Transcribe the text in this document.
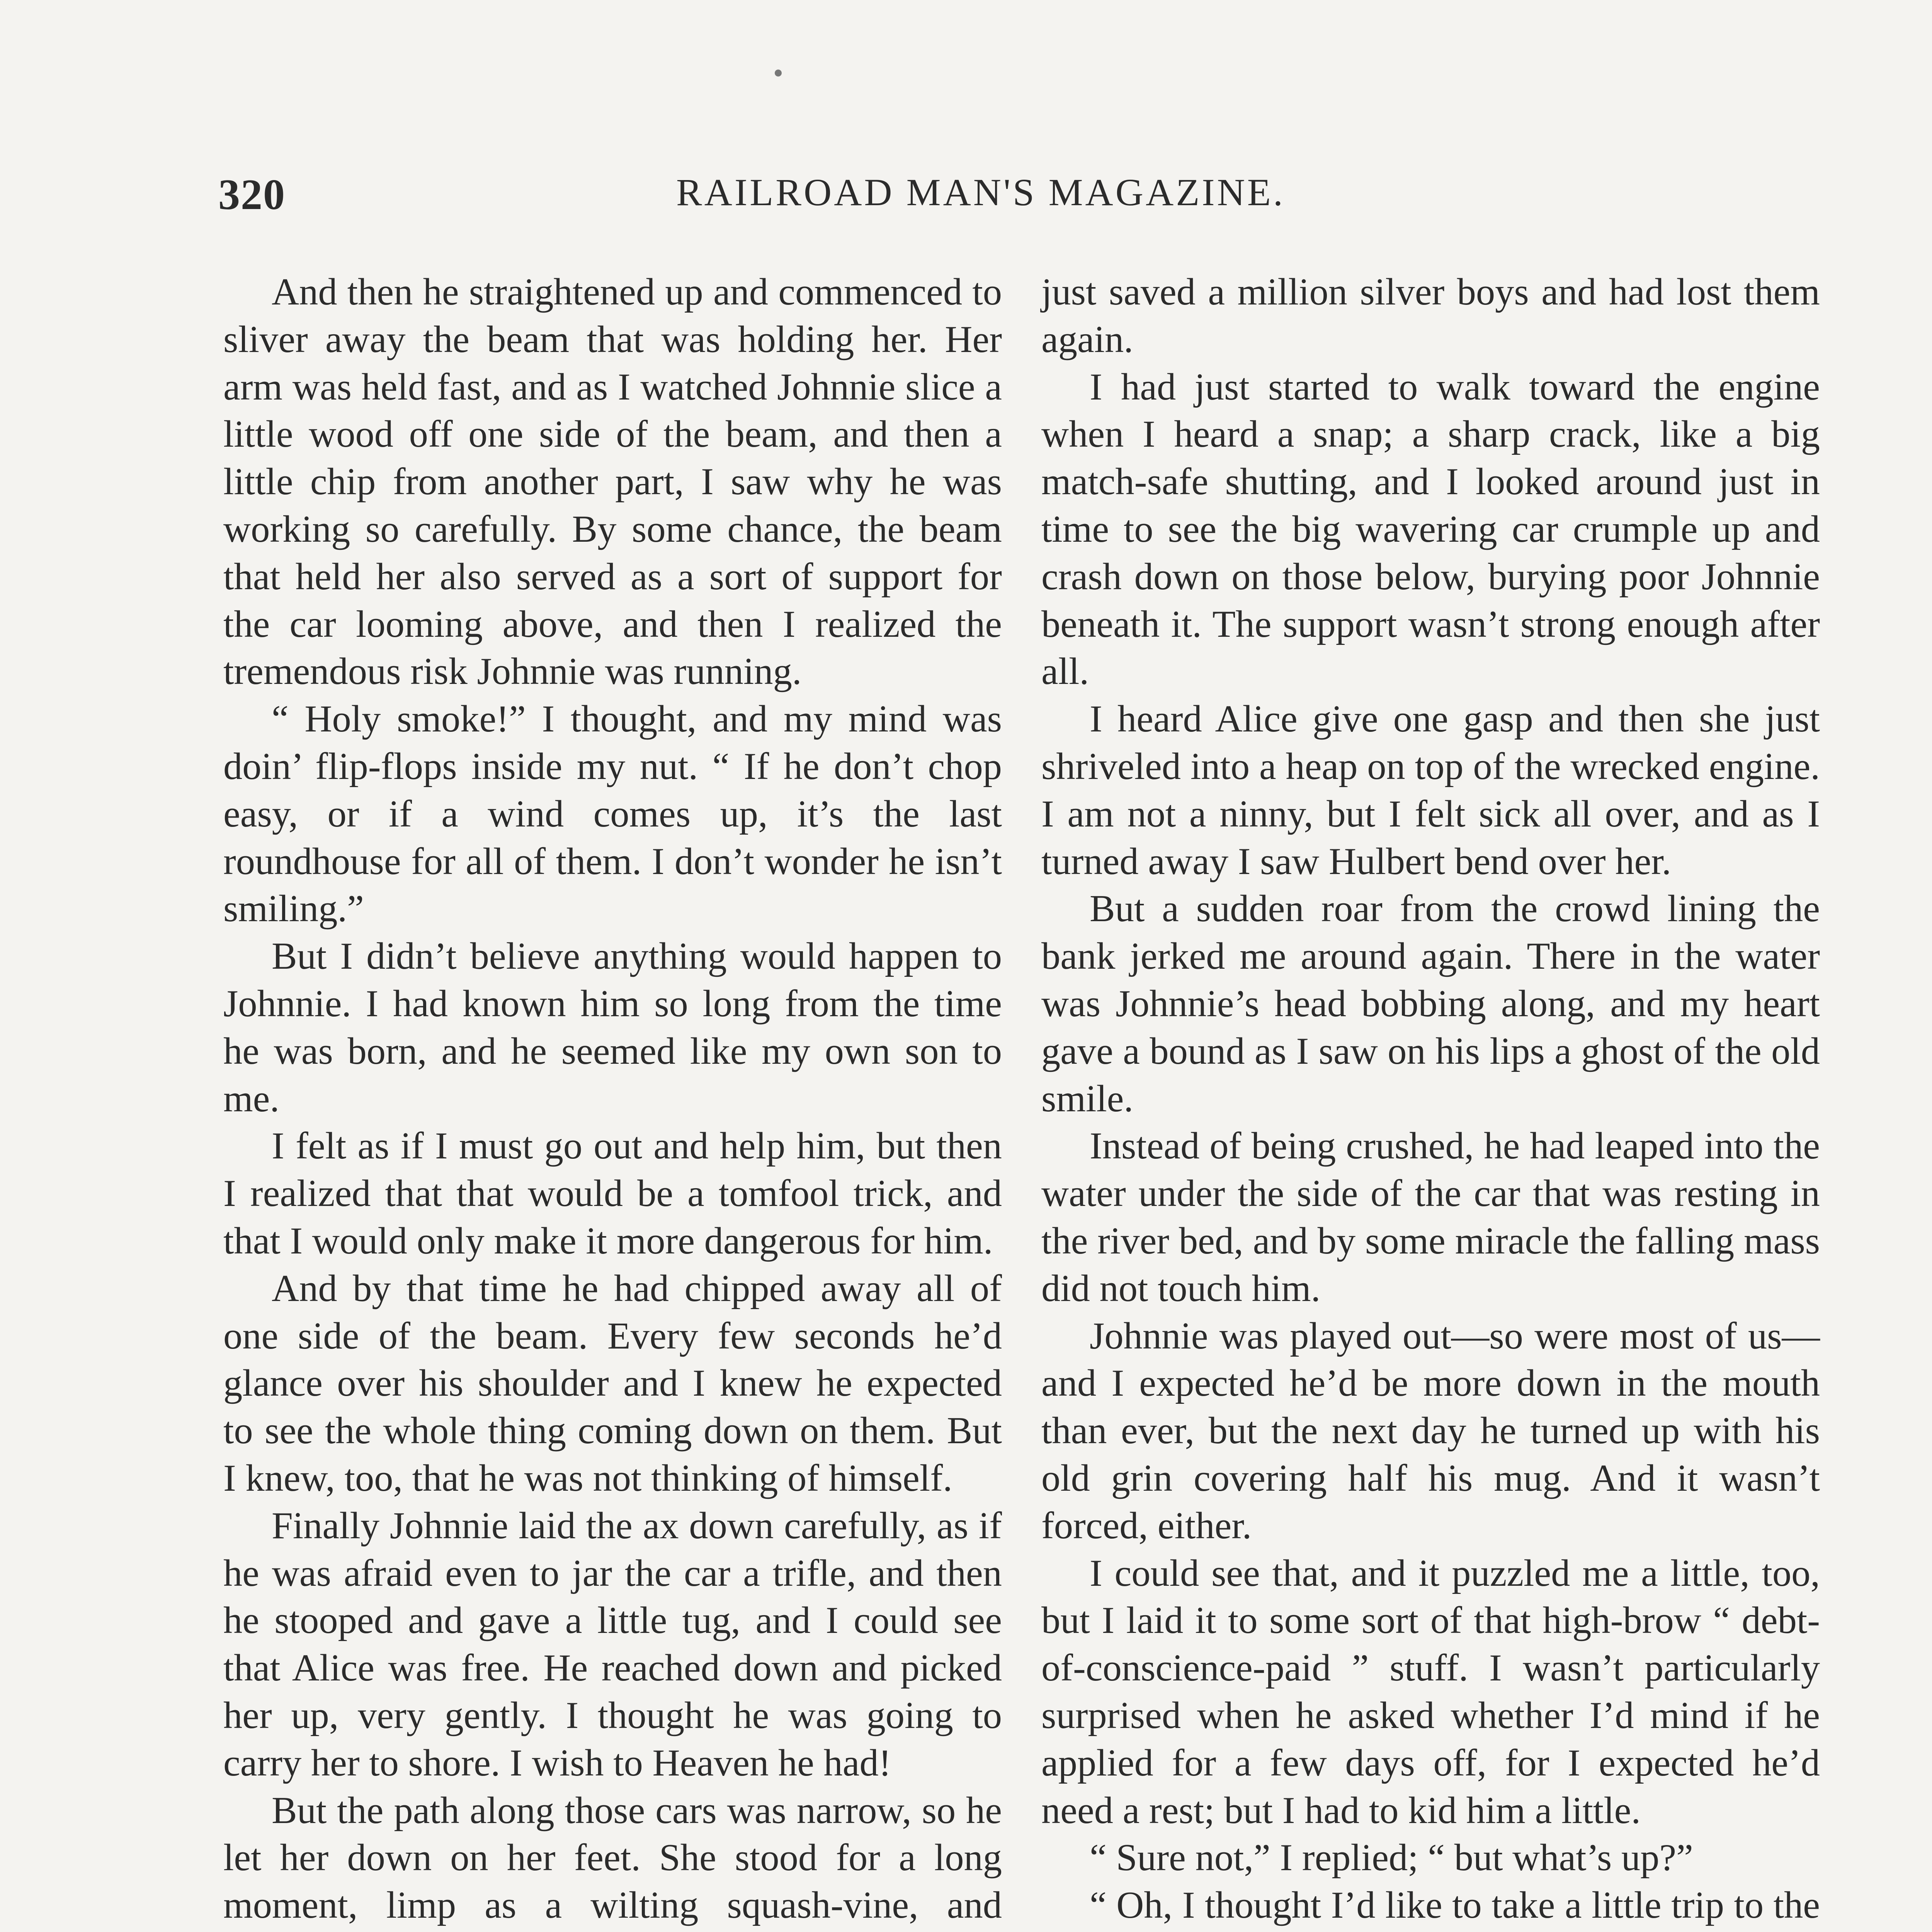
320	RAILROAD MAN'S MAGAZINE.

And then he straightened up and commenced to sliver away the beam that was holding her. Her arm was held fast, and as I watched Johnnie slice a little wood off one side of the beam, and then a little chip from another part, I saw why he was working so carefully. By some chance, the beam that held her also served as a sort of support for the car looming above, and then I realized the tremendous risk Johnnie was running.

“ Holy smoke!” I thought, and my mind was doin’ flip-flops inside my nut. “ If he don’t chop easy, or if a wind comes up, it’s the last roundhouse for all of them. I don’t wonder he isn’t smiling.”

But I didn’t believe anything would happen to Johnnie. I had known him so long from the time he was born, and he seemed like my own son to me.

I felt as if I must go out and help him, but then I realized that that would be a tomfool trick, and that I would only make it more dangerous for him.

And by that time he had chipped away all of one side of the beam. Every few seconds he’d glance over his shoulder and I knew he expected to see the whole thing coming down on them. But I knew, too, that he was not thinking of himself.

Finally Johnnie laid the ax down carefully, as if he was afraid even to jar the car a trifle, and then he stooped and gave a little tug, and I could see that Alice was free. He reached down and picked her up, very gently. I thought he was going to carry her to shore. I wish to Heaven he had!

But the path along those cars was narrow, so he let her down on her feet. She stood for a long moment, limp as a wilting squash-vine, and

just saved a million silver boys and had lost them again.

I had just started to walk toward the engine when I heard a snap; a sharp crack, like a big match-safe shutting, and I looked around just in time to see the big wavering car crumple up and crash down on those below, burying poor Johnnie beneath it. The support wasn’t strong enough after all.

I heard Alice give one gasp and then she just shriveled into a heap on top of the wrecked engine. I am not a ninny, but I felt sick all over, and as I turned away I saw Hulbert bend over her.

But a sudden roar from the crowd lining the bank jerked me around again. There in the water was Johnnie’s head bobbing along, and my heart gave a bound as I saw on his lips a ghost of the old smile.

Instead of being crushed, he had leaped into the water under the side of the car that was resting in the river bed, and by some miracle the falling mass did not touch him.

Johnnie was played out—so were most of us—and I expected he’d be more down in the mouth than ever, but the next day he turned up with his old grin covering half his mug. And it wasn’t forced, either.

I could see that, and it puzzled me a little, too, but I laid it to some sort of that high-brow “ debt-of-conscience-paid ” stuff. I wasn’t particularly surprised when he asked whether I’d mind if he applied for a few days off, for I expected he’d need a rest; but I had to kid him a little.

“ Sure not,” I replied; “ but what’s up?”

“ Oh, I thought I’d like to take a little trip to the
